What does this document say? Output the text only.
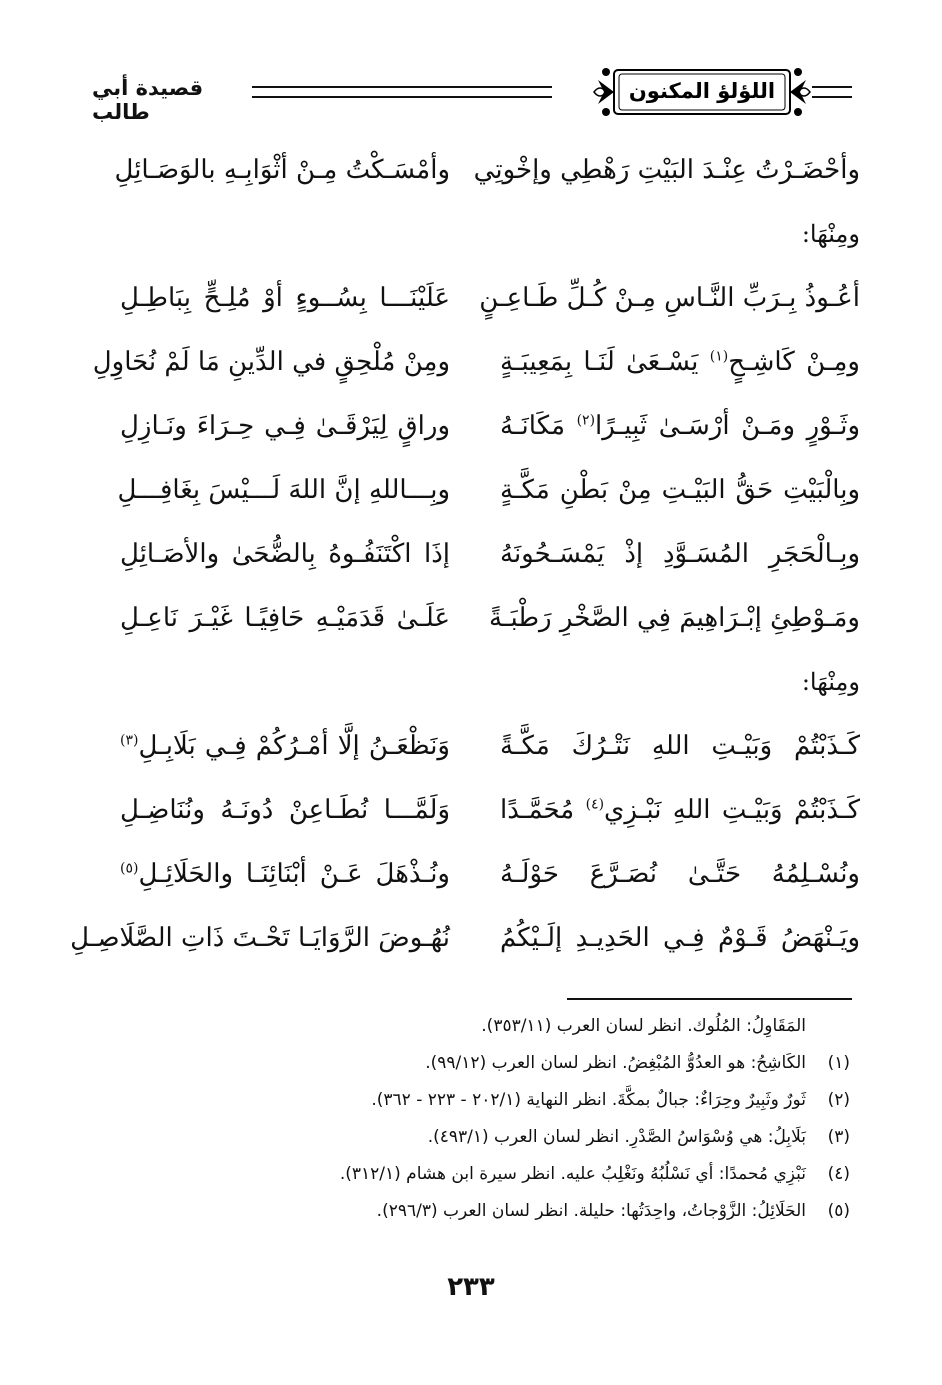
اللؤلؤ المكنون
قصيدة أبي طالب
وأحْضَـرْتُ عِنْـدَ البَيْتِ رَهْطِي وإخْوتِي
وأمْسَـكْتُ مِـنْ أثْوَابِـهِ بالوَصَـائِلِ
ومِنْهَا:
أعُـوذُ بِـرَبِّ النَّـاسِ مِـنْ كُـلِّ طَـاعِـنٍ
عَلَيْنَـــا بِسُــوءٍ أوْ مُلِـحٍّ بِبَاطِـلِ
ومِـنْ كَاشِـحٍ$^{(١)}$ يَسْـعَىٰ لَنَـا بِمَعِيبَـةٍ
ومِنْ مُلْحِقٍ في الدِّينِ مَا لَمْ نُحَاوِلِ
وثَـوْرٍ ومَـنْ أرْسَـىٰ ثَبِيـرًا$^{(٢)}$ مَكَانَـهُ
وراقٍ لِيَرْقَـىٰ فِـي حِـرَاءَ ونَـازِلِ
وبِالْبَيْتِ حَقُّ البَيْـتِ مِنْ بَطْنِ مَكَّـةٍ
وبِـــاللهِ إنَّ اللهَ لَـــيْسَ بِغَافِـــلِ
وبِـالْحَجَرِ المُسَـوَّدِ إذْ يَمْسَـحُونَهُ
إذَا اكْتَنَفُـوهُ بِالضُّحَىٰ والأصَـائِلِ
ومَـوْطِئِ إبْـرَاهِيمَ فِي الصَّخْرِ رَطْبَـةً
عَلَـىٰ قَدَمَيْـهِ حَافِيًـا غَيْـرَ نَاعِـلِ
ومِنْهَا:
كَـذَبْتُمْ وَبَيْـتِ اللهِ نَتْـرُكَ مَكَّـةً
وَنَظْعَـنُ إلَّا أمْـرُكُمْ فِـي بَلَابِـلِ$^{(٣)}$
كَـذَبْتُمْ وَبَيْـتِ اللهِ نَبْـزِي$^{(٤)}$ مُحَمَّـدًا
وَلَمَّـــا نُطَـاعِنْ دُونَـهُ ونُنَاضِـلِ
ونُسْـلِمُهُ حَتَّـىٰ نُصَـرَّعَ حَوْلَـهُ
ونُـذْهَلَ عَـنْ أبْنَائِنَـا والحَلَائِـلِ$^{(٥)}$
ويَـنْهَضُ قَـوْمٌ فِـي الحَدِيـدِ إلَـيْكُمُ
نُهُـوضَ الرَّوَايَـا تَحْـتَ ذَاتِ الصَّلَاصِـلِ
المَقَاوِلُ: المُلُوك. انظر لسان العرب (٣٥٣/١١).
(١)الكَاشِحُ: هو العدُوُّ المُبْغِضُ. انظر لسان العرب (٩٩/١٢).
(٢)ثَورٌ وثَبِيرٌ وحِرَاءٌ: جبالٌ بمكَّةَ. انظر النهاية (٢٠٢/١ - ٢٢٣ - ٣٦٢).
(٣)بَلَابِلُ: هي وُسْوَاسُ الصَّدْرِ. انظر لسان العرب (٤٩٣/١).
(٤)نَبْزِي مُحمدًا: أي نَسْلُبُهُ ونَغْلِبُ عليه. انظر سيرة ابن هشام (٣١٢/١).
(٥)الحَلَائِلُ: الزَّوْجاتُ، واحِدَتُها: حليلة. انظر لسان العرب (٢٩٦/٣).
٢٣٣
